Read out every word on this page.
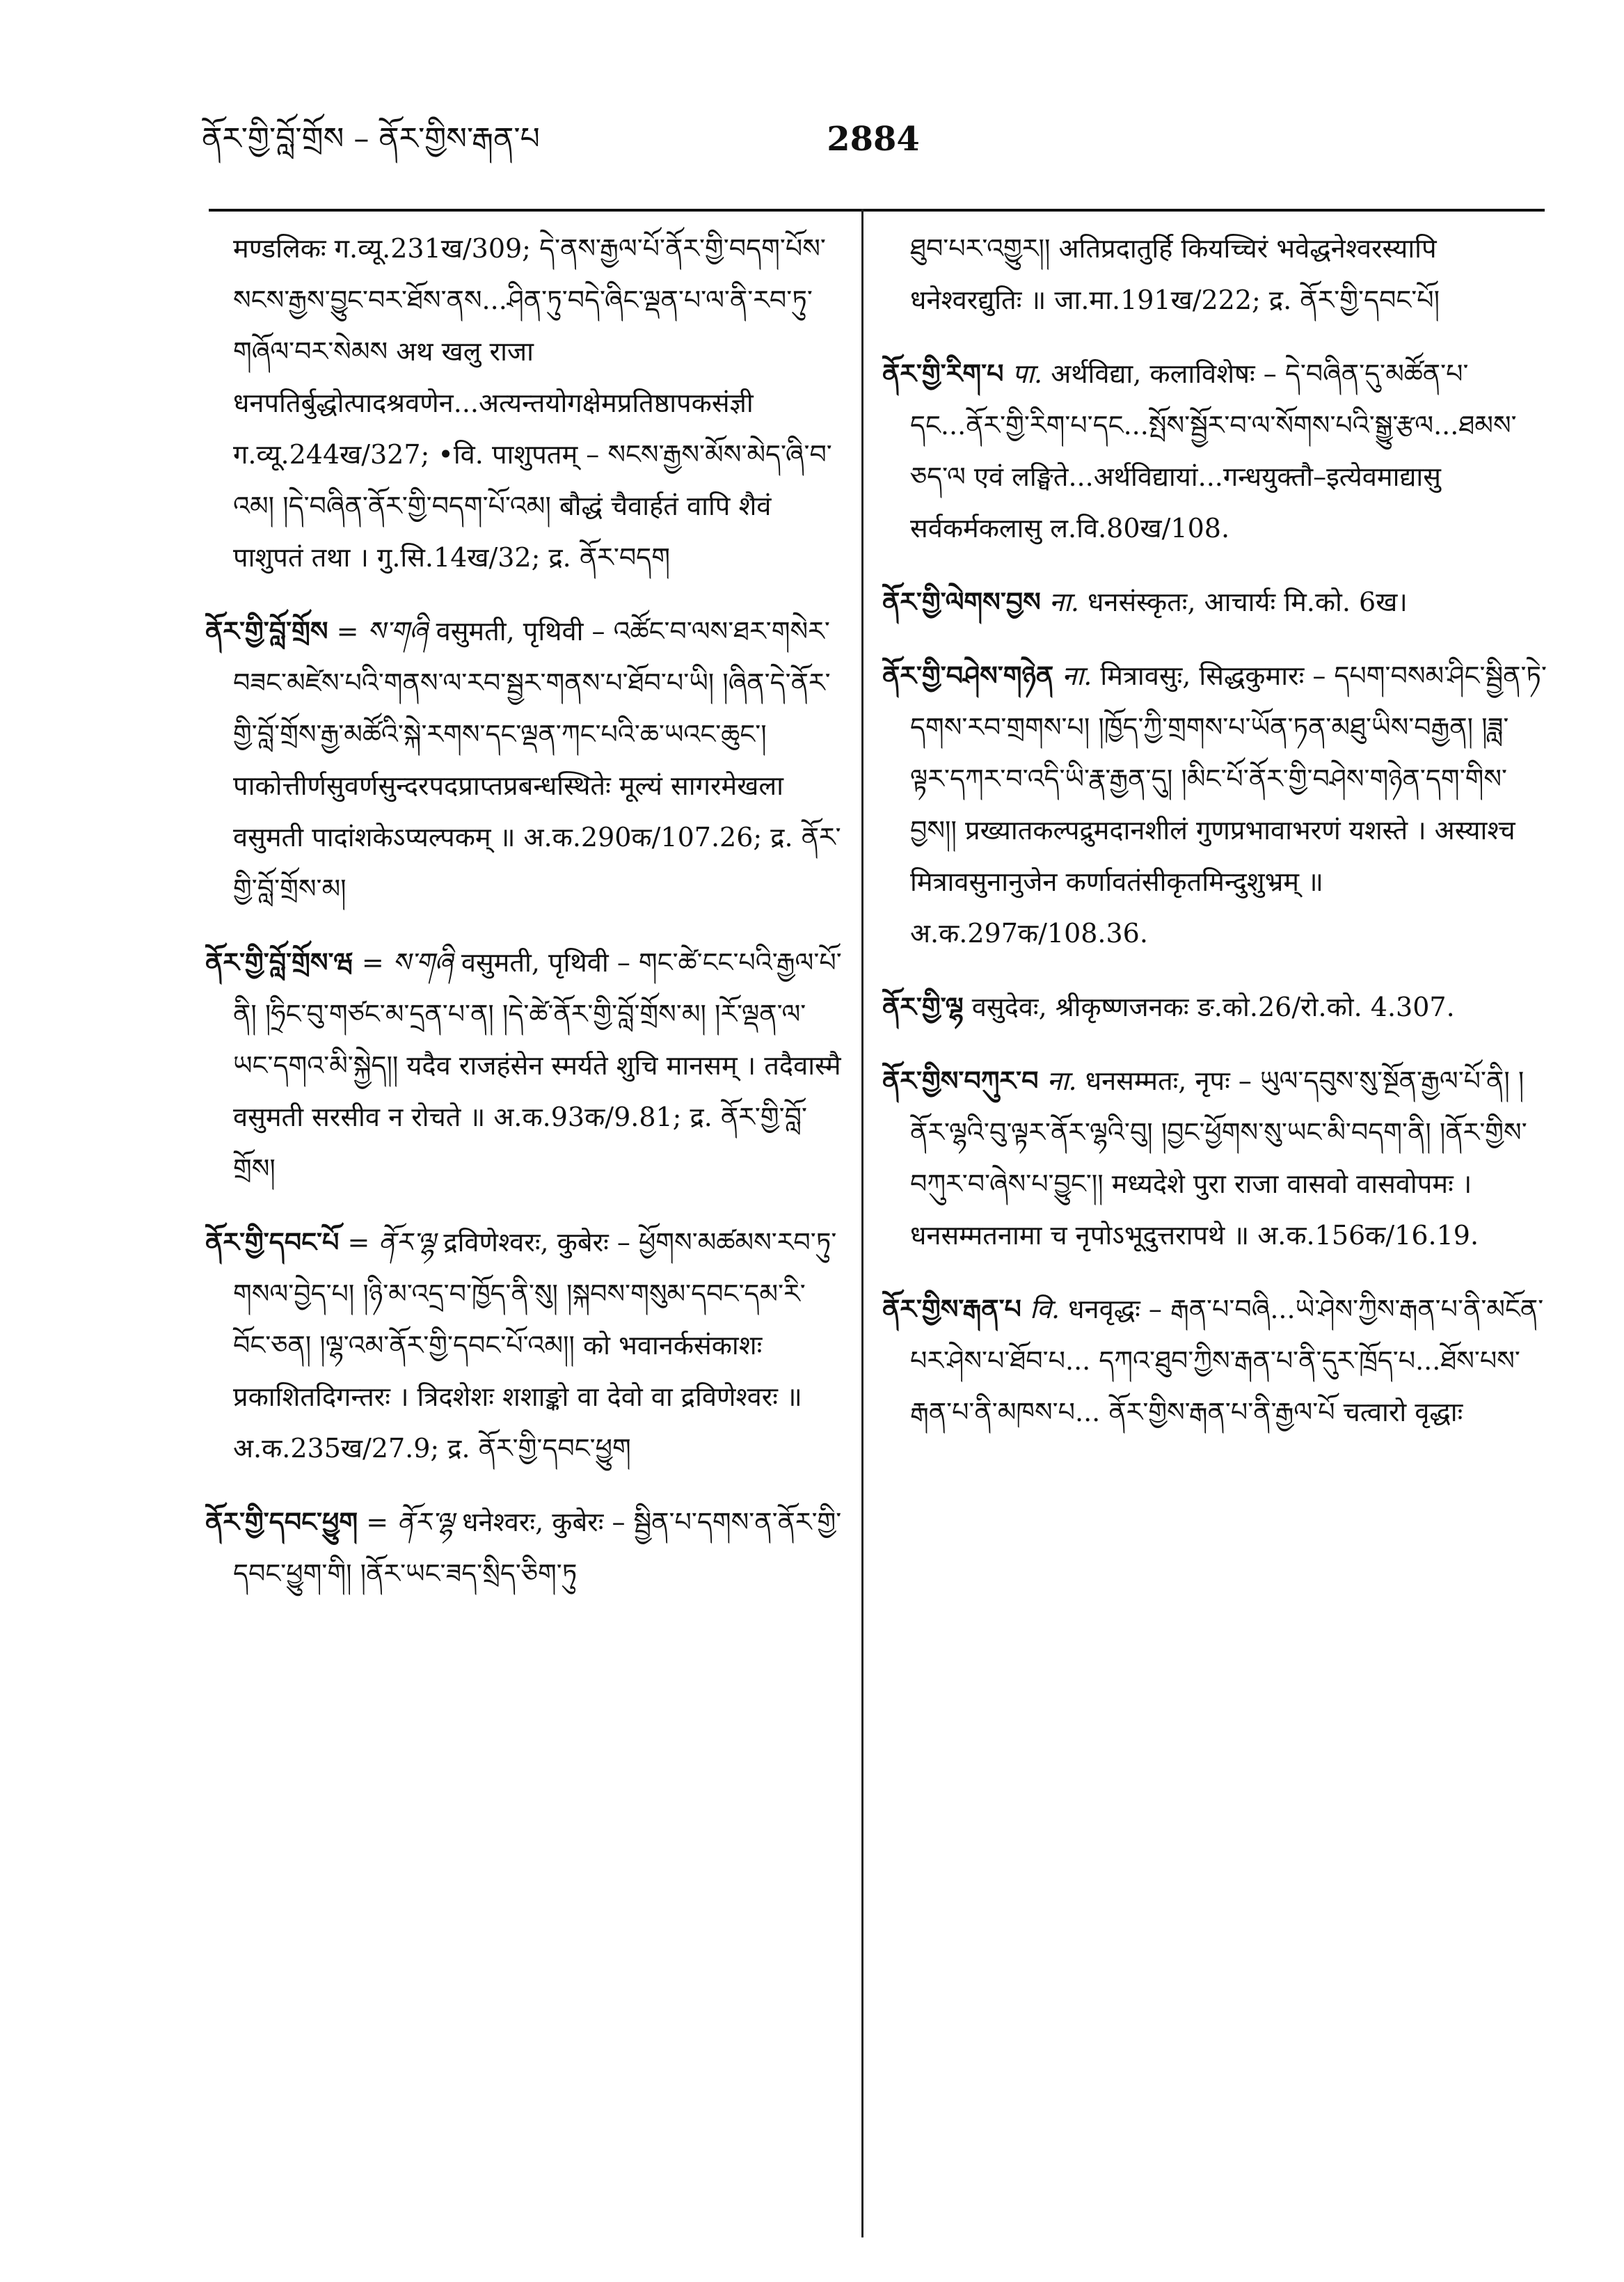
ནོར་གྱི་བློ་གྲོས – ནོར་གྱིས་རྒན་པ	2884

मण्डलिकः ग.व्यू.231ख/309; དེ་ནས་རྒྱལ་པོ་ནོར་གྱི་བདག་པོས་སངས་རྒྱས་བྱུང་བར་ཐོས་ནས...ཤིན་ཏུ་བདེ་ཞིང་ལྡན་པ་ལ་ནི་རབ་ཏུ་གཞོལ་བར་སེམས अथ खलु राजा धनपतिर्बुद्धोत्पादश्रवणेन...अत्यन्तयोगक्षेमप्रतिष्ठापकसंज्ञी ग.व्यू.244ख/327; •वि. पाशुपतम् – སངས་རྒྱས་མོས་མེད་ཞི་བ་འམ། །དེ་བཞིན་ནོར་གྱི་བདག་པོ་འམ། बौद्धं चैवार्हतं वापि शैवं पाशुपतं तथा । गु.सि.14ख/32; द्र. ནོར་བདག

ནོར་གྱི་བློ་གྲོས = ས་གཞི वसुमती, पृथिवी – འཚོང་བ་ལས་ཐར་གསེར་བཟང་མཛེས་པའི་གནས་ལ་རབ་སྦྱར་གནས་པ་ཐོབ་པ་ཡི། །ཞིན་དེ་ནོར་གྱི་བློ་གྲོས་རྒྱ་མཚོའི་སྐེ་རགས་དང་ལྡན་ཀང་པའི་ཆ་ཡའང་ཆུང་། पाकोत्तीर्णसुवर्णसुन्दरपदप्राप्तप्रबन्धस्थितेः मूल्यं सागरमेखला वसुमती पादांशकेऽप्यल्पकम् ॥ अ.क.290क/107.26; द्र. ནོར་གྱི་བློ་གྲོས་མ།

ནོར་གྱི་བློ་གྲོས་ཝ = ས་གཞི वसुमती, पृथिवी – གང་ཚེ་ངང་པའི་རྒྱལ་པོ་ནི། །ཧྲིང་བུ་གཙང་མ་དྲན་པ་ན། །དེ་ཚེ་ནོར་གྱི་བློ་གྲོས་མ། །རོ་ལྡན་ལ་ཡང་དགའ་མི་སྐྱེད།། यदैव राजहंसेन स्मर्यते शुचि मानसम् । तदैवास्मै वसुमती सरसीव न रोचते ॥ अ.क.93क/9.81; द्र. ནོར་གྱི་བློ་གྲོས།

ནོར་གྱི་དབང་པོ = ནོར་ལྷ द्रविणेश्वरः, कुबेरः – ཕྱོགས་མཚམས་རབ་ཏུ་གསལ་བྱེད་པ། །ཉི་མ་འདྲ་བ་ཁྱོད་ནི་སུ། །སྐབས་གསུམ་དབང་དམ་རི་བོང་ཅན། །ལྷ་འམ་ནོར་གྱི་དབང་པོ་འམ།། को भवानर्कसंकाशः प्रकाशितदिगन्तरः । त्रिदशेशः शशाङ्को वा देवो वा द्रविणेश्वरः ॥ अ.क.235ख/27.9; द्र. ནོར་གྱི་དབང་ཕྱུག

ནོར་གྱི་དབང་ཕྱུག = ནོར་ལྷ धनेश्वरः, कुबेरः – སྦྱིན་པ་དགས་ན་ནོར་གྱི་དབང་ཕྱུག་གི། །ནོར་ཡང་ཟད་སྲིད་ཅིག་ཏུ

ཐུབ་པར་འགྱུར།། अतिप्रदातुर्हि कियच्चिरं भवेद्धनेश्वरस्यापि धनेश्वरद्युतिः ॥ जा.मा.191ख/222; द्र. ནོར་གྱི་དབང་པོ།

ནོར་གྱི་རིག་པ पा. अर्थविद्या, कलाविशेषः – དེ་བཞིན་དུ་མཚོན་པ་དང...ནོར་གྱི་རིག་པ་དང...སྤོས་སྦྱོར་བ་ལ་སོགས་པའི་སྒྱུ་རྩལ...ཐམས་ཅད་ལ एवं लङ्घिते...अर्थविद्यायां...गन्धयुक्तौ–इत्येवमाद्यासु सर्वकर्मकलासु ल.वि.80ख/108.

ནོར་གྱི་ལེགས་བྱས ना. धनसंस्कृतः, आचार्यः मि.को. 6ख।

ནོར་གྱི་བཤེས་གཉེན ना. मित्रावसुः, सिद्धकुमारः – དཔག་བསམ་ཤིང་སྦྱིན་ཏེ་དགས་རབ་གྲགས་པ། །ཁྱོད་ཀྱི་གྲགས་པ་ཡོན་ཏན་མཐུ་ཡིས་བརྒྱན། །ཟླ་ལྟར་དཀར་བ་འདི་ཡི་རྣ་རྒྱན་དུ། །མིང་པོ་ནོར་གྱི་བཤེས་གཉེན་དག་གིས་བྱས།། प्रख्यातकल्पद्रुमदानशीलं गुणप्रभावाभरणं यशस्ते । अस्याश्च मित्रावसुनानुजेन कर्णावतंसीकृतमिन्दुशुभ्रम् ॥ अ.क.297क/108.36.

ནོར་གྱི་ལྷ वसुदेवः, श्रीकृष्णजनकः ङ.को.26/रो.को. 4.307.

ནོར་གྱིས་བཀུར་བ ना. धनसम्मतः, नृपः – ཡུལ་དབུས་སུ་སྔོན་རྒྱལ་པོ་ནི། །ནོར་ལྷའི་བུ་ལྟར་ནོར་ལྷའི་བུ། །བྱང་ཕྱོགས་སུ་ཡང་མི་བདག་ནི། །ནོར་གྱིས་བཀུར་བ་ཞེས་པ་བྱུང་།། मध्यदेशे पुरा राजा वासवो वासवोपमः । धनसम्मतनामा च नृपोऽभूदुत्तरापथे ॥ अ.क.156क/16.19.

ནོར་གྱིས་རྒན་པ वि. धनवृद्धः – རྒན་པ་བཞི...ཡེ་ཤེས་ཀྱིས་རྒན་པ་ནི་མངོན་པར་ཤེས་པ་ཐོབ་པ... དཀའ་ཐུབ་ཀྱིས་རྒན་པ་ནི་དུར་ཁྲོད་པ...ཐོས་པས་རྒན་པ་ནི་མཁས་པ... ནོར་གྱིས་རྒན་པ་ནི་རྒྱལ་པོ चत्वारो वृद्धाः
